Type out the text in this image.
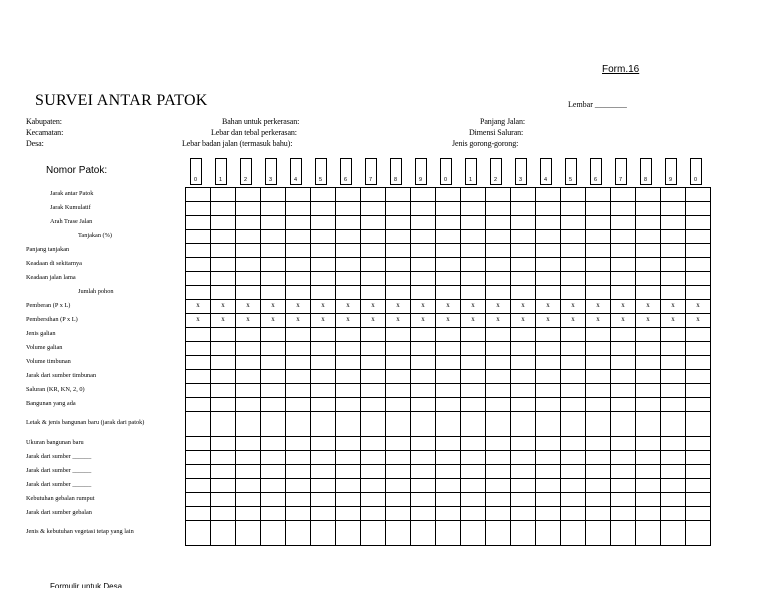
Form.16
SURVEI ANTAR PATOK	Lembar ________
Kabupaten:
Kecamatan:
Desa:
Bahan untuk perkerasan:
Lebar dan tebal perkerasan:
Lebar badan jalan (termasuk bahu):
Panjang Jalan:
Dimensi Saluran:
Jenis gorong-gorong:
Nomor Patok:	0	1	2	3	4	5	6	7	8	9	0	1	2	3	4	5	6	7	8	9	0

Jarak antar Patok																					
Jarak Kumulatif																					
Arah Trase Jalan																					
Tanjakan (%)																					
Panjang tanjakan																					
Keadaan di sekitarnya																					
Keadaan jalan lama																					
Jumlah pohon																					
Pemberan (P x L)	x	x	x	x	x	x	x	x	x	x	x	x	x	x	x	x	x	x	x	x	x
Pembersihan (P x L)	x	x	x	x	x	x	x	x	x	x	x	x	x	x	x	x	x	x	x	x	x
Jenis galian																					
Volume galian																					
Volume timbunan																					
Jarak dari sumber timbunan																					
Saluran (KR, KN, 2, 0)																					
Bangunan yang ada																					
Letak & jenis bangunan baru (jarak dari patok)																					
Ukuran bangunan baru																					
Jarak dari sumber ______																					
Jarak dari sumber ______																					
Jarak dari sumber ______																					
Kebutuhan gebalan rumput																					
Jarak dari sumber gebalan																					
Jenis & kebutuhan vegetasi tetap yang lain																					
Formulir untuk Desa
